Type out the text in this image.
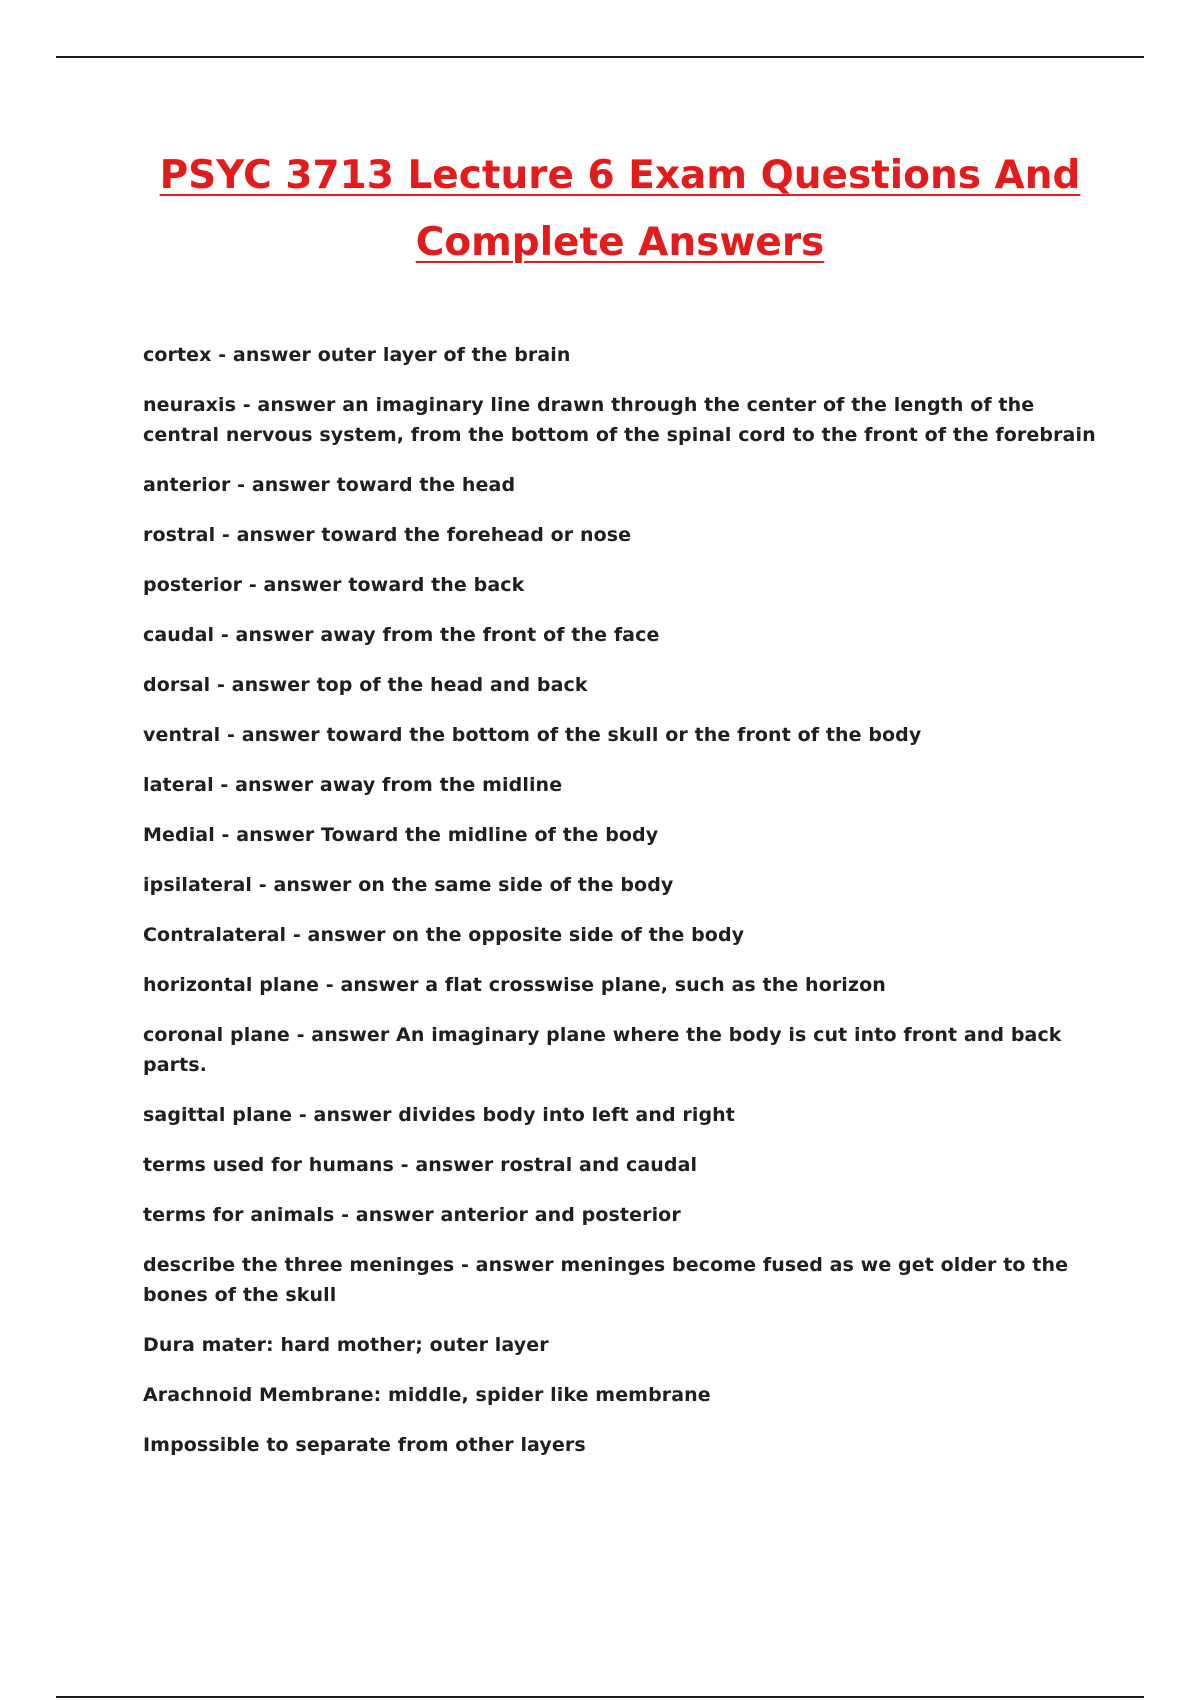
PSYC 3713 Lecture 6 Exam Questions And
Complete Answers

cortex - answer outer layer of the brain

neuraxis - answer an imaginary line drawn through the center of the length of the central nervous system, from the bottom of the spinal cord to the front of the forebrain

anterior - answer toward the head

rostral - answer toward the forehead or nose

posterior - answer toward the back

caudal - answer away from the front of the face

dorsal - answer top of the head and back

ventral - answer toward the bottom of the skull or the front of the body

lateral - answer away from the midline

Medial - answer Toward the midline of the body

ipsilateral - answer on the same side of the body

Contralateral - answer on the opposite side of the body

horizontal plane - answer a flat crosswise plane, such as the horizon

coronal plane - answer An imaginary plane where the body is cut into front and back parts.

sagittal plane - answer divides body into left and right

terms used for humans - answer rostral and caudal

terms for animals - answer anterior and posterior

describe the three meninges - answer meninges become fused as we get older to the bones of the skull

Dura mater: hard mother; outer layer

Arachnoid Membrane: middle, spider like membrane

Impossible to separate from other layers
